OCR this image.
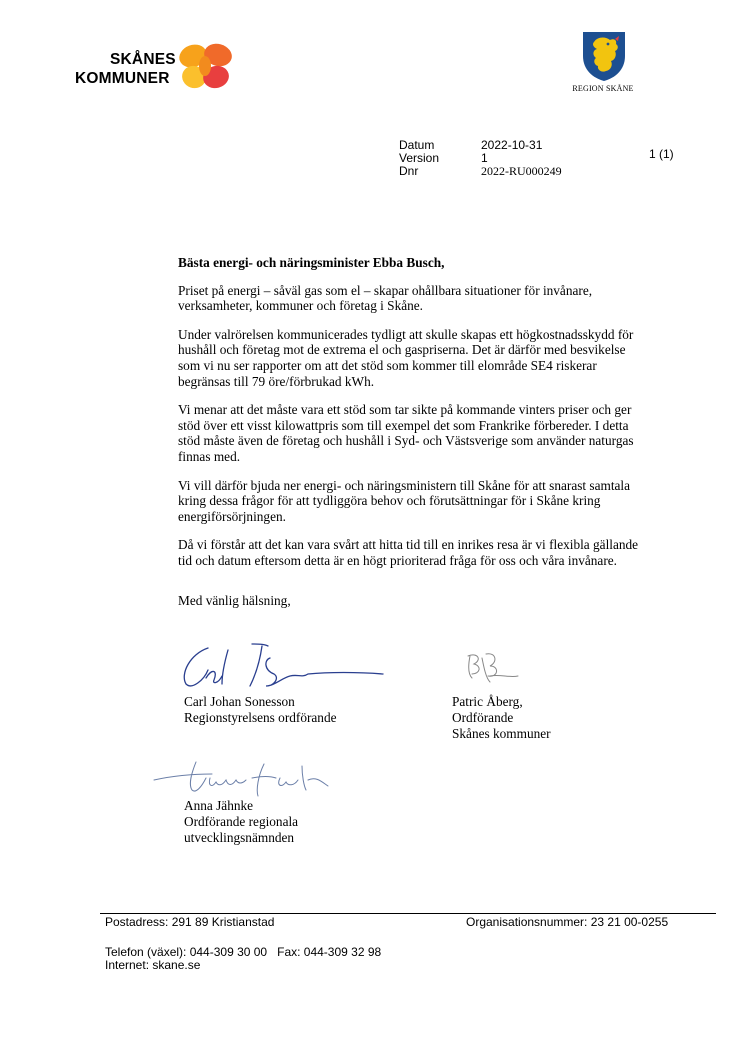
SKÅNES
KOMMUNER
REGION SKÅNE
Datum
Version
Dnr
2022-10-31
1
2022-RU000249
1 (1)
Bästa energi- och näringsminister Ebba Busch,

Priset på energi – såväl gas som el – skapar ohållbara situationer för invånare, verksamheter, kommuner och företag i Skåne.

Under valrörelsen kommunicerades tydligt att skulle skapas ett högkostnadsskydd för hushåll och företag mot de extrema el och gaspriserna. Det är därför med besvikelse som vi nu ser rapporter om att det stöd som kommer till elområde SE4 riskerar begränsas till 79 öre/förbrukad kWh.

Vi menar att det måste vara ett stöd som tar sikte på kommande vinters priser och ger stöd över ett visst kilowattpris som till exempel det som Frankrike förbereder. I detta stöd måste även de företag och hushåll i Syd- och Västsverige som använder naturgas finnas med.

Vi vill därför bjuda ner energi- och näringsministern till Skåne för att snarast samtala kring dessa frågor för att tydliggöra behov och förutsättningar för i Skåne kring energiförsörjningen.

Då vi förstår att det kan vara svårt att hitta tid till en inrikes resa är vi flexibla gällande tid och datum eftersom detta är en högt prioriterad fråga för oss och våra invånare.

Med vänlig hälsning,

Carl Johan Sonesson
Regionstyrelsens ordförande
Patric Åberg,
Ordförande
Skånes kommuner
Anna Jähnke
Ordförande regionala
utvecklingsnämnden
Postadress: 291 89 Kristianstad	Organisationsnummer: 23 21 00-0255
Telefon (växel): 044-309 30 00   Fax: 044-309 32 98
Internet: skane.se
